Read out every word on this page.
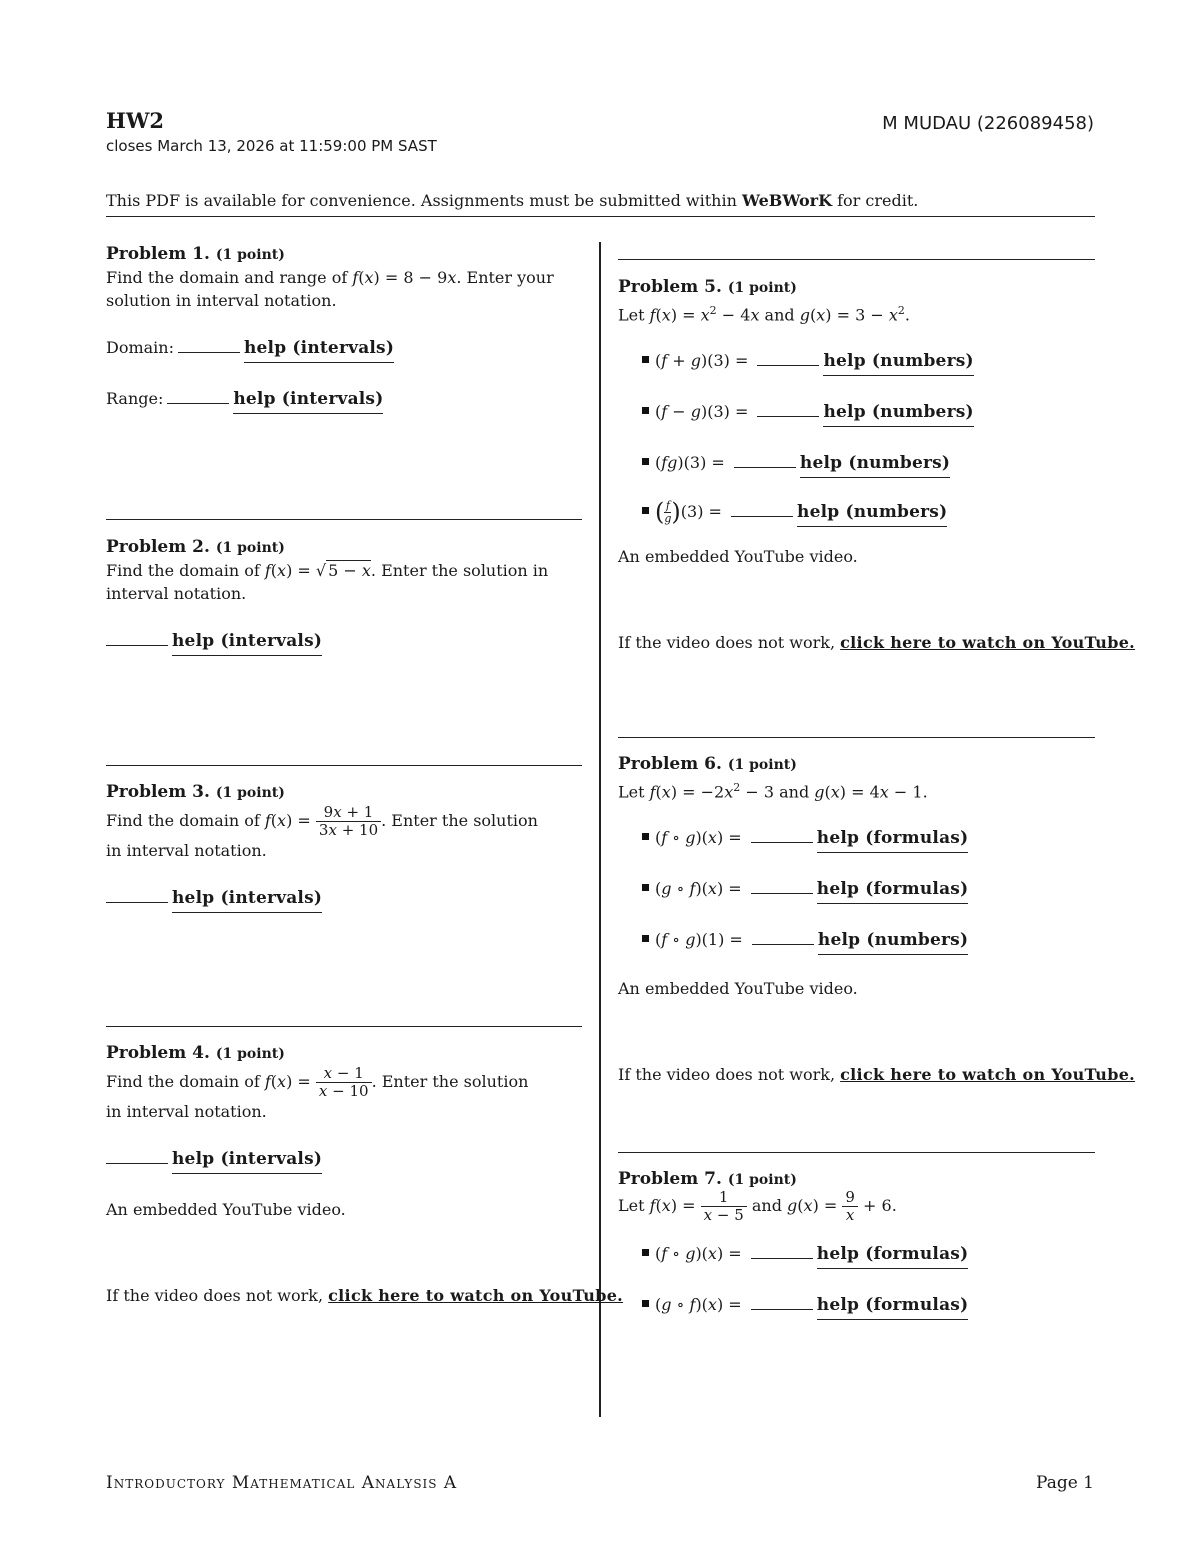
HW2
closes March 13, 2026 at 11:59:00 PM SAST
M MUDAU (226089458)
This PDF is available for convenience. Assignments must be submitted within WeBWorK for credit.
Problem 1. (1 point)
Find the domain and range of f(x) = 8 − 9x. Enter your solution in interval notation.
Domain:	help (intervals)
Range:	help (intervals)
Problem 2. (1 point)
Find the domain of f(x) = √ 5 − x. Enter the solution in interval notation.
help (intervals)
Problem 3. (1 point)
Find the domain of $f(x) = \frac{9x + 1}{3x + 10}$ . Enter the solution
in interval notation.
help (intervals)
Problem 4. (1 point)
Find the domain of $f(x) = \frac{x - 1}{x - 10}$ . Enter the solution
in interval notation.
help (intervals)
An embedded YouTube video.
If the video does not work, click here to watch on YouTube.
Problem 5. (1 point)
Let $f(x) = x^2 - 4x$ and $g(x) = 3 - x^2$.
(f + g)(3) =	help (numbers)
(f − g)(3) =	help (numbers)
(fg)(3) =	help (numbers)
( $\frac{f}{g} )(3)$ =	help (numbers)
An embedded YouTube video.
If the video does not work, click here to watch on YouTube.
Problem 6. (1 point)
Let $f(x) = -2x^2 - 3$ and g(x) = 4x − 1.
(f ∘ g)(x) =	help (formulas)
(g ∘ f)(x) =	help (formulas)
(f ∘ g)(1) =	help (numbers)
An embedded YouTube video.
If the video does not work, click here to watch on YouTube.
Problem 7. (1 point)
Let $f(x) = \frac{1}{x - 5}$ and $g(x) = \frac{9}{x} + 6$.
(f ∘ g)(x) =	help (formulas)
(g ∘ f)(x) =	help (formulas)
Introductory Mathematical Analysis A	Page 1
